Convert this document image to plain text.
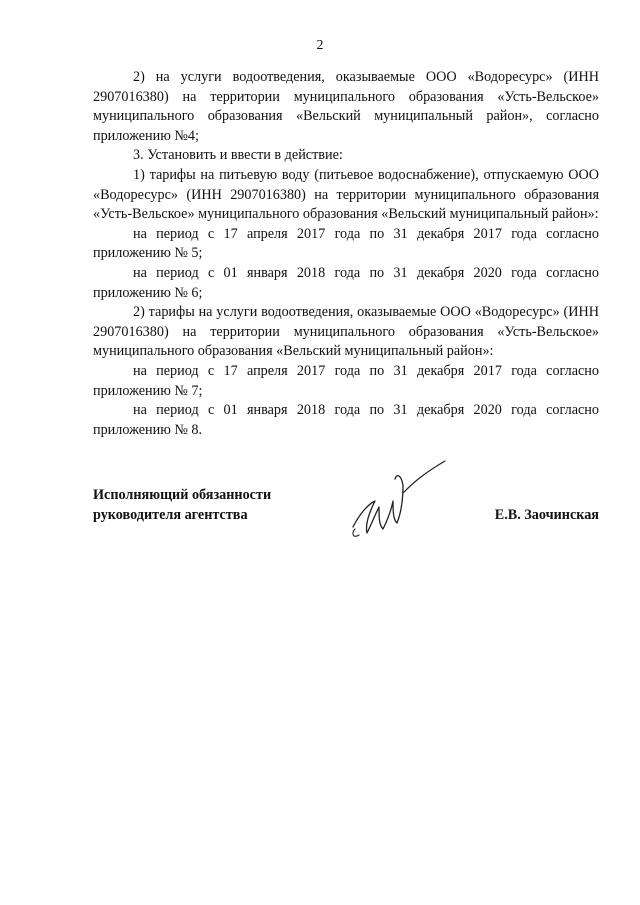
2

2) на услуги водоотведения, оказываемые ООО «Водоресурс» (ИНН 2907016380) на территории муниципального образования «Усть-Вельское» муниципального образования «Вельский муниципальный район», согласно приложению №4;

3. Установить и ввести в действие:

1) тарифы на питьевую воду (питьевое водоснабжение), отпускаемую ООО «Водоресурс» (ИНН 2907016380) на территории муниципального образования «Усть-Вельское» муниципального образования «Вельский муниципальный район»:

на период с 17 апреля 2017 года по 31 декабря 2017 года согласно приложению № 5;

на период с 01 января 2018 года по 31 декабря 2020 года согласно приложению № 6;

2) тарифы на услуги водоотведения, оказываемые ООО «Водоресурс» (ИНН 2907016380) на территории муниципального образования «Усть-Вельское» муниципального образования «Вельский муниципальный район»:

на период с 17 апреля 2017 года по 31 декабря 2017 года согласно приложению № 7;

на период с 01 января 2018 года по 31 декабря 2020 года согласно приложению № 8.

Исполняющий обязанности
руководителя агентства	Е.В. Заочинская
